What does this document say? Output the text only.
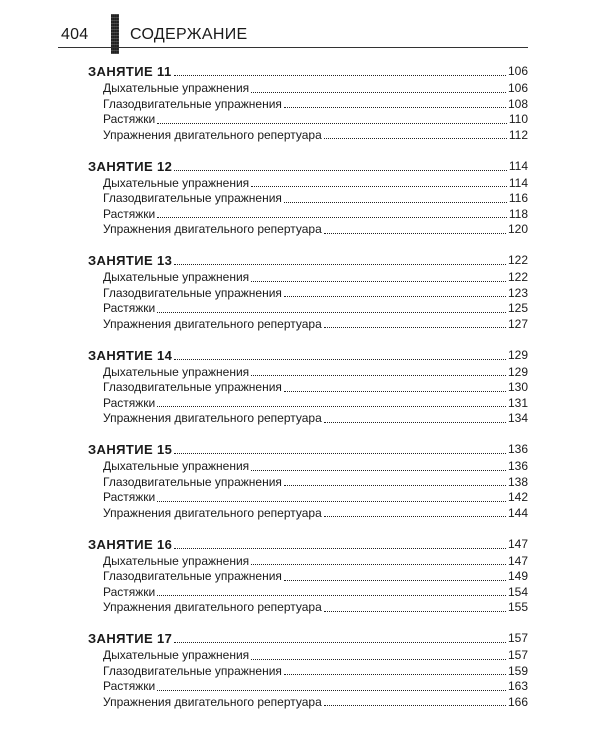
404	СОДЕРЖАНИЕ
ЗАНЯТИЕ 11	106
Дыхательные упражнения	106
Глазодвигательные упражнения	108
Растяжки	110
Упражнения двигательного репертуара	112
ЗАНЯТИЕ 12	114
Дыхательные упражнения	114
Глазодвигательные упражнения	116
Растяжки	118
Упражнения двигательного репертуара	120
ЗАНЯТИЕ 13	122
Дыхательные упражнения	122
Глазодвигательные упражнения	123
Растяжки	125
Упражнения двигательного репертуара	127
ЗАНЯТИЕ 14	129
Дыхательные упражнения	129
Глазодвигательные упражнения	130
Растяжки	131
Упражнения двигательного репертуара	134
ЗАНЯТИЕ 15	136
Дыхательные упражнения	136
Глазодвигательные упражнения	138
Растяжки	142
Упражнения двигательного репертуара	144
ЗАНЯТИЕ 16	147
Дыхательные упражнения	147
Глазодвигательные упражнения	149
Растяжки	154
Упражнения двигательного репертуара	155
ЗАНЯТИЕ 17	157
Дыхательные упражнения	157
Глазодвигательные упражнения	159
Растяжки	163
Упражнения двигательного репертуара	166
